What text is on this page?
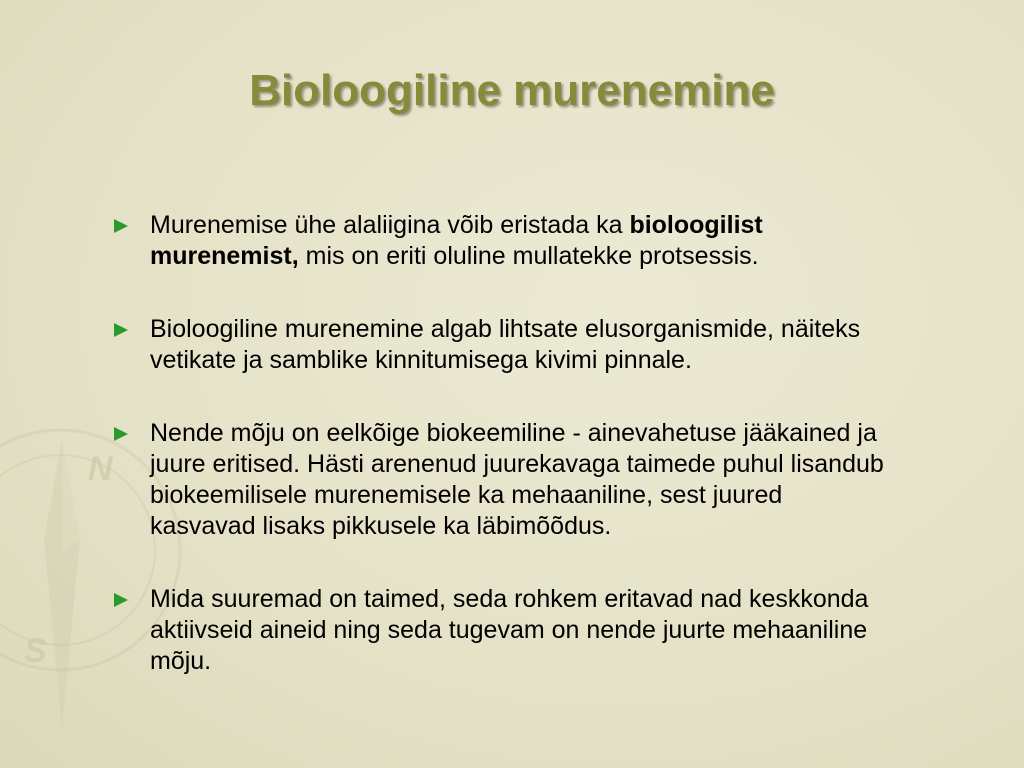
N
S
Bioloogiline murenemine
Murenemise ühe alaliigina võib eristada ka bioloogilist murenemist, mis on eriti oluline mullatekke protsessis.
Bioloogiline murenemine algab lihtsate elusorganismide, näiteks vetikate ja samblike kinnitumisega kivimi pinnale.
Nende mõju on eelkõige biokeemiline - ainevahetuse jääkained ja juure eritised. Hästi arenenud juurekavaga taimede puhul lisandub biokeemilisele murenemisele ka mehaaniline, sest juured kasvavad lisaks pikkusele ka läbimõõdus.
Mida suuremad on taimed, seda rohkem eritavad nad keskkonda aktiivseid aineid ning seda tugevam on nende juurte mehaaniline mõju.
